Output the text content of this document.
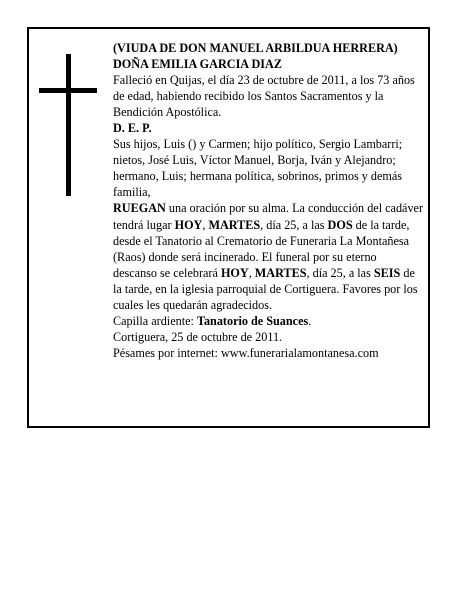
(VIUDA DE DON MANUEL ARBILDUA HERRERA)

DOÑA EMILIA GARCIA DIAZ

Falleció en Quijas, el día 23 de octubre de 2011, a los 73 años de edad, habiendo recibido los Santos Sacramentos y la Bendición Apostólica.

D. E. P.

Sus hijos, Luis () y Carmen; hijo político, Sergio Lambarri; nietos, José Luis, Víctor Manuel, Borja, Iván y Alejandro; hermano, Luis; hermana política, sobrinos, primos y demás familia,

RUEGAN una oración por su alma. La conducción del cadáver tendrá lugar HOY, MARTES, día 25, a las DOS de la tarde, desde el Tanatorio al Crematorio de Funeraria La Montañesa (Raos) donde será incinerado. El funeral por su eterno descanso se celebrará HOY, MARTES, día 25, a las SEIS de la tarde, en la iglesia parroquial de Cortiguera. Favores por los cuales les quedarán agradecidos.

Capilla ardiente: Tanatorio de Suances.

Cortiguera, 25 de octubre de 2011.

Pésames por internet: www.funerarialamontanesa.com
